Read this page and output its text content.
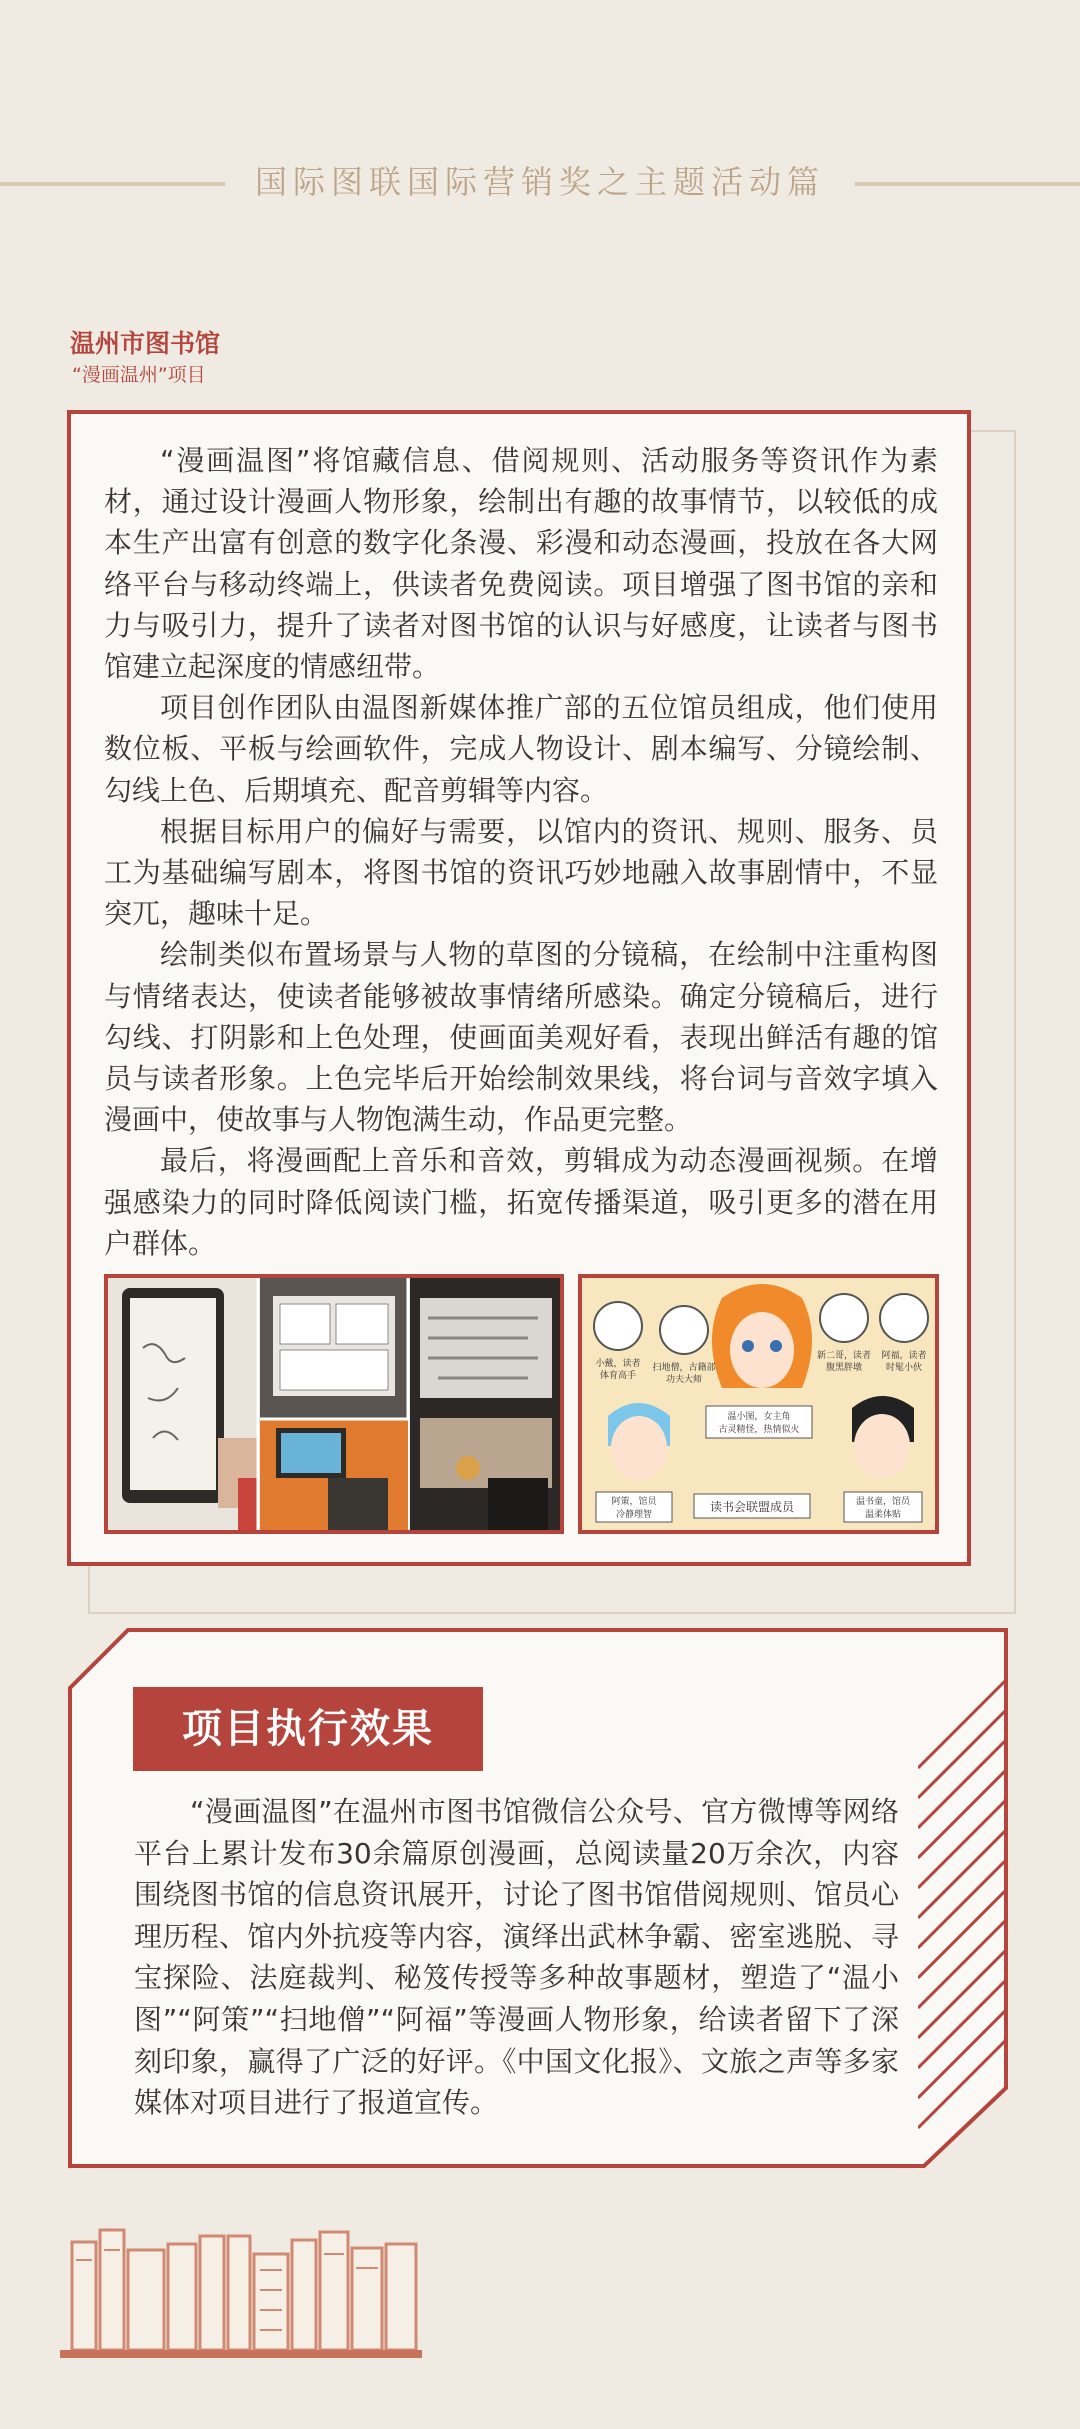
国际图联国际营销奖之主题活动篇
温州市图书馆
“漫画温州”项目

“漫画温图”将馆藏信息、借阅规则、活动服务等资讯作为素材，通过设计漫画人物形象，绘制出有趣的故事情节，以较低的成本生产出富有创意的数字化条漫、彩漫和动态漫画，投放在各大网络平台与移动终端上，供读者免费阅读。项目增强了图书馆的亲和力与吸引力，提升了读者对图书馆的认识与好感度，让读者与图书馆建立起深度的情感纽带。

项目创作团队由温图新媒体推广部的五位馆员组成，他们使用数位板、平板与绘画软件，完成人物设计、剧本编写、分镜绘制、勾线上色、后期填充、配音剪辑等内容。

根据目标用户的偏好与需要，以馆内的资讯、规则、服务、员工为基础编写剧本，将图书馆的资讯巧妙地融入故事剧情中，不显突兀，趣味十足。

绘制类似布置场景与人物的草图的分镜稿，在绘制中注重构图与情绪表达，使读者能够被故事情绪所感染。确定分镜稿后，进行勾线、打阴影和上色处理，使画面美观好看，表现出鲜活有趣的馆员与读者形象。上色完毕后开始绘制效果线，将台词与音效字填入漫画中，使故事与人物饱满生动，作品更完整。

最后，将漫画配上音乐和音效，剪辑成为动态漫画视频。在增强感染力的同时降低阅读门槛，拓宽传播渠道，吸引更多的潜在用户群体。

小戴，读者
体育高手
扫地僧，古籍部
功夫大师
温小图，女主角
古灵精怪，热情似火
新二哥，读者
腹黑胖墩
阿福，读者
时髦小伙
阿策，馆员
冷静理智
读书会联盟成员	温书童，馆员
温柔体贴
项目执行效果

“漫画温图”在温州市图书馆微信公众号、官方微博等网络平台上累计发布30余篇原创漫画，总阅读量20万余次，内容围绕图书馆的信息资讯展开，讨论了图书馆借阅规则、馆员心理历程、馆内外抗疫等内容，演绎出武林争霸、密室逃脱、寻宝探险、法庭裁判、秘笈传授等多种故事题材，塑造了“温小图”“阿策”“扫地僧”“阿福”等漫画人物形象，给读者留下了深刻印象，赢得了广泛的好评。《中国文化报》、文旅之声等多家媒体对项目进行了报道宣传。
